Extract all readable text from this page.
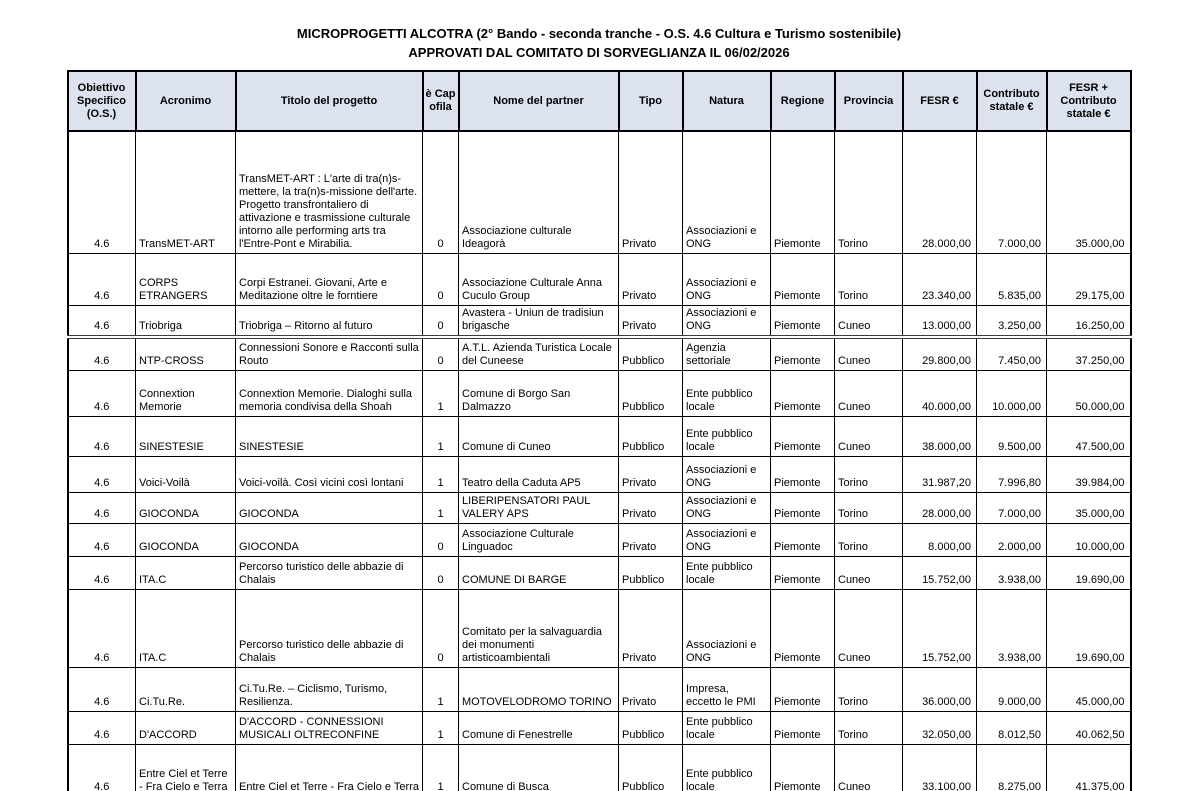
MICROPROGETTI ALCOTRA (2° Bando - seconda tranche - O.S. 4.6 Cultura e Turismo sostenibile)
APPROVATI DAL COMITATO DI SORVEGLIANZA IL 06/02/2026
Obiettivo Specifico (O.S.)	Acronimo	Titolo del progetto	è Capofila	Nome del partner	Tipo	Natura	Regione	Provincia	FESR €	Contributo statale €	FESR + Contributo statale €
4.6	TransMET-ART	TransMET-ART : L'arte di tra(n)s-mettere, la tra(n)s-missione dell'arte. Progetto transfrontaliero di attivazione e trasmissione culturale intorno alle performing arts tra l'Entre-Pont e Mirabilia.	0	Associazione culturale Ideagorà	Privato	Associazioni e ONG	Piemonte	Torino	28.000,00	7.000,00	35.000,00
4.6	CORPS ETRANGERS	Corpi Estranei. Giovani, Arte e Meditazione oltre le forntiere	0	Associazione Culturale Anna Cuculo Group	Privato	Associazioni e ONG	Piemonte	Torino	23.340,00	5.835,00	29.175,00
4.6	Triobriga	Triobriga – Ritorno al futuro	0	Avastera - Uniun de tradisiun brigasche	Privato	Associazioni e ONG	Piemonte	Cuneo	13.000,00	3.250,00	16.250,00
4.6	NTP-CROSS	Connessioni Sonore e Racconti sulla Routo	0	A.T.L. Azienda Turistica Locale del Cuneese	Pubblico	Agenzia settoriale	Piemonte	Cuneo	29.800,00	7.450,00	37.250,00
4.6	Connextion Memorie	Connextion Memorie. Dialoghi sulla memoria condivisa della Shoah	1	Comune di Borgo San Dalmazzo	Pubblico	Ente pubblico locale	Piemonte	Cuneo	40.000,00	10.000,00	50.000,00
4.6	SINESTESIE	SINESTESIE	1	Comune di Cuneo	Pubblico	Ente pubblico locale	Piemonte	Cuneo	38.000,00	9.500,00	47.500,00
4.6	Voici-Voilà	Voici-voilà. Così vicini così lontani	1	Teatro della Caduta AP5	Privato	Associazioni e ONG	Piemonte	Torino	31.987,20	7.996,80	39.984,00
4.6	GIOCONDA	GIOCONDA	1	LIBERIPENSATORI PAUL VALERY APS	Privato	Associazioni e ONG	Piemonte	Torino	28.000,00	7.000,00	35.000,00
4.6	GIOCONDA	GIOCONDA	0	Associazione Culturale Linguadoc	Privato	Associazioni e ONG	Piemonte	Torino	8.000,00	2.000,00	10.000,00
4.6	ITA.C	Percorso turistico delle abbazie di Chalais	0	COMUNE DI BARGE	Pubblico	Ente pubblico locale	Piemonte	Cuneo	15.752,00	3.938,00	19.690,00
4.6	ITA.C	Percorso turistico delle abbazie di Chalais	0	Comitato per la salvaguardia dei monumenti artisticoambientali	Privato	Associazioni e ONG	Piemonte	Cuneo	15.752,00	3.938,00	19.690,00
4.6	Ci.Tu.Re.	Ci.Tu.Re. – Ciclismo, Turismo, Resilienza.	1	MOTOVELODROMO TORINO	Privato	Impresa, eccetto le PMI	Piemonte	Torino	36.000,00	9.000,00	45.000,00
4.6	D'ACCORD	D'ACCORD - CONNESSIONI MUSICALI OLTRECONFINE	1	Comune di Fenestrelle	Pubblico	Ente pubblico locale	Piemonte	Torino	32.050,00	8.012,50	40.062,50
4.6	Entre Ciel et Terre - Fra Cielo e Terra	Entre Ciel et Terre - Fra Cielo e Terra	1	Comune di Busca	Pubblico	Ente pubblico locale	Piemonte	Cuneo	33.100,00	8.275,00	41.375,00
